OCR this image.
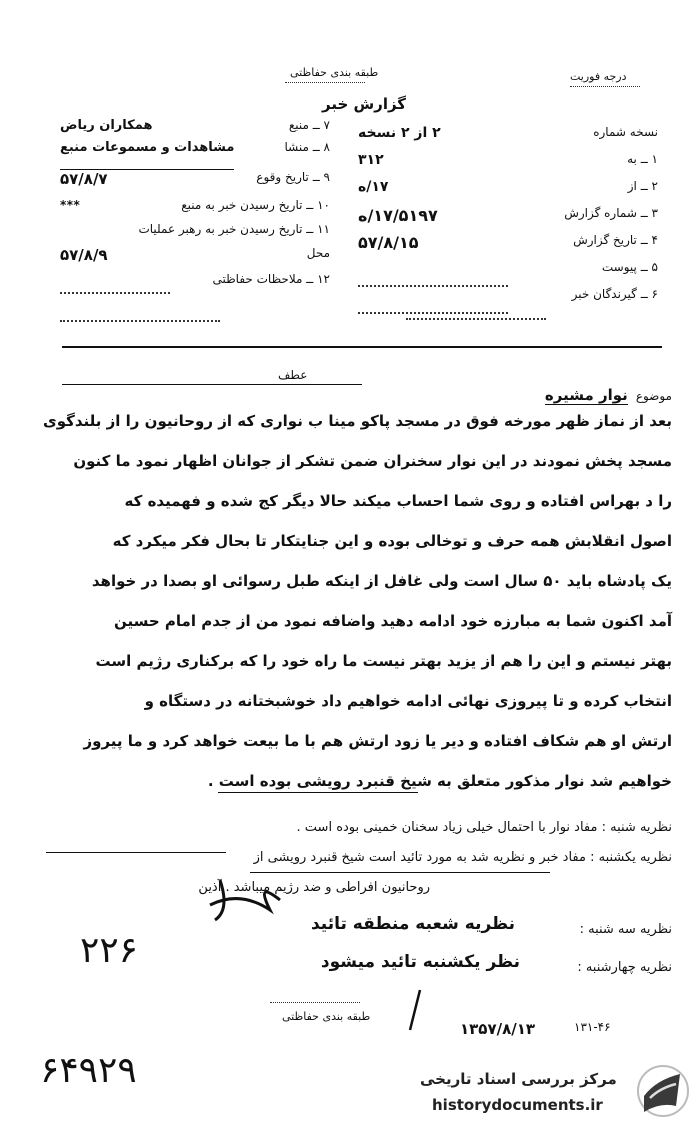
طبقه بندی حفاظتی	درجه فوریت
گزارش خبر
نسخه شماره
۲ از ۲ نسخه
۱ ــ به
۳۱۲
۲ ــ از
۱۷/ه
۳ ــ شماره گزارش
۱۷/۵۱۹۷/ه
۴ ــ تاریخ گزارش
۵۷/۸/۱۵
۵ ــ پیوست
۶ ــ گیرندگان خبر
۷ ــ منبع
همکاران ریاض
۸ ــ منشا
مشاهدات و مسموعات منبع
۹ ــ تاریخ وقوع
۵۷/۸/۷
۱۰ ــ تاریخ رسیدن خبر به منبع
***
۱۱ ــ تاریخ رسیدن خبر به رهبر عملیات
محل
۵۷/۸/۹
۱۲ ــ ملاحظات حفاظتی
عطف
موضوع
نوار مشیره
بعد از نماز ظهر مورخه فوق در مسجد پاکو مینا ب نواری که از روحانیون را از بلندگوی
مسجد پخش نمودند در این نوار سخنران ضمن تشکر از جوانان اظهار نمود ما کنون
را د بهراس افتاده و روی شما احساب میکند حالا دیگر کج شده و فهمیده که
اصول انقلابش همه حرف و توخالی بوده و این جنایتکار تا بحال فکر میکرد که
یک پادشاه باید ۵۰ سال است ولی غافل از اینکه طبل رسوائی او بصدا در خواهد
آمد اکنون شما به مبارزه خود ادامه دهید واضافه نمود من از جدم امام حسین
بهتر نیستم و این را هم از یزید بهتر نیست ما راه خود را که برکناری رژیم است
انتخاب کرده و تا پیروزی نهائی ادامه خواهیم داد خوشبختانه در دستگاه و
ارتش او هم شکاف افتاده و دیر یا زود ارتش هم با ما بیعت خواهد کرد و ما پیروز
خواهیم شد نوار مذکور متعلق به شیخ قنبرد رویشی بوده است .
نظریه شنبه : مفاد نوار با احتمال خیلی زیاد سخنان خمینی بوده است .
نظریه یکشنبه : مفاد خبر و نظریه شد به مورد تائید است شیخ قنبرد رویشی از
روحانیون افراطی و ضد رژیم میباشد . آذین
نظریه سه شنبه :
نظریه شعبه منطقه تائید
نظریه چهارشنبه :
نظر یکشنبه تائید میشود
۲۲۶
۶۴۹۲۹
طبقه بندی حفاظتی
۱۳۱-۴۶
۱۳۵۷/۸/۱۳
مرکز بررسی اسناد تاریخی
historydocuments.ir
